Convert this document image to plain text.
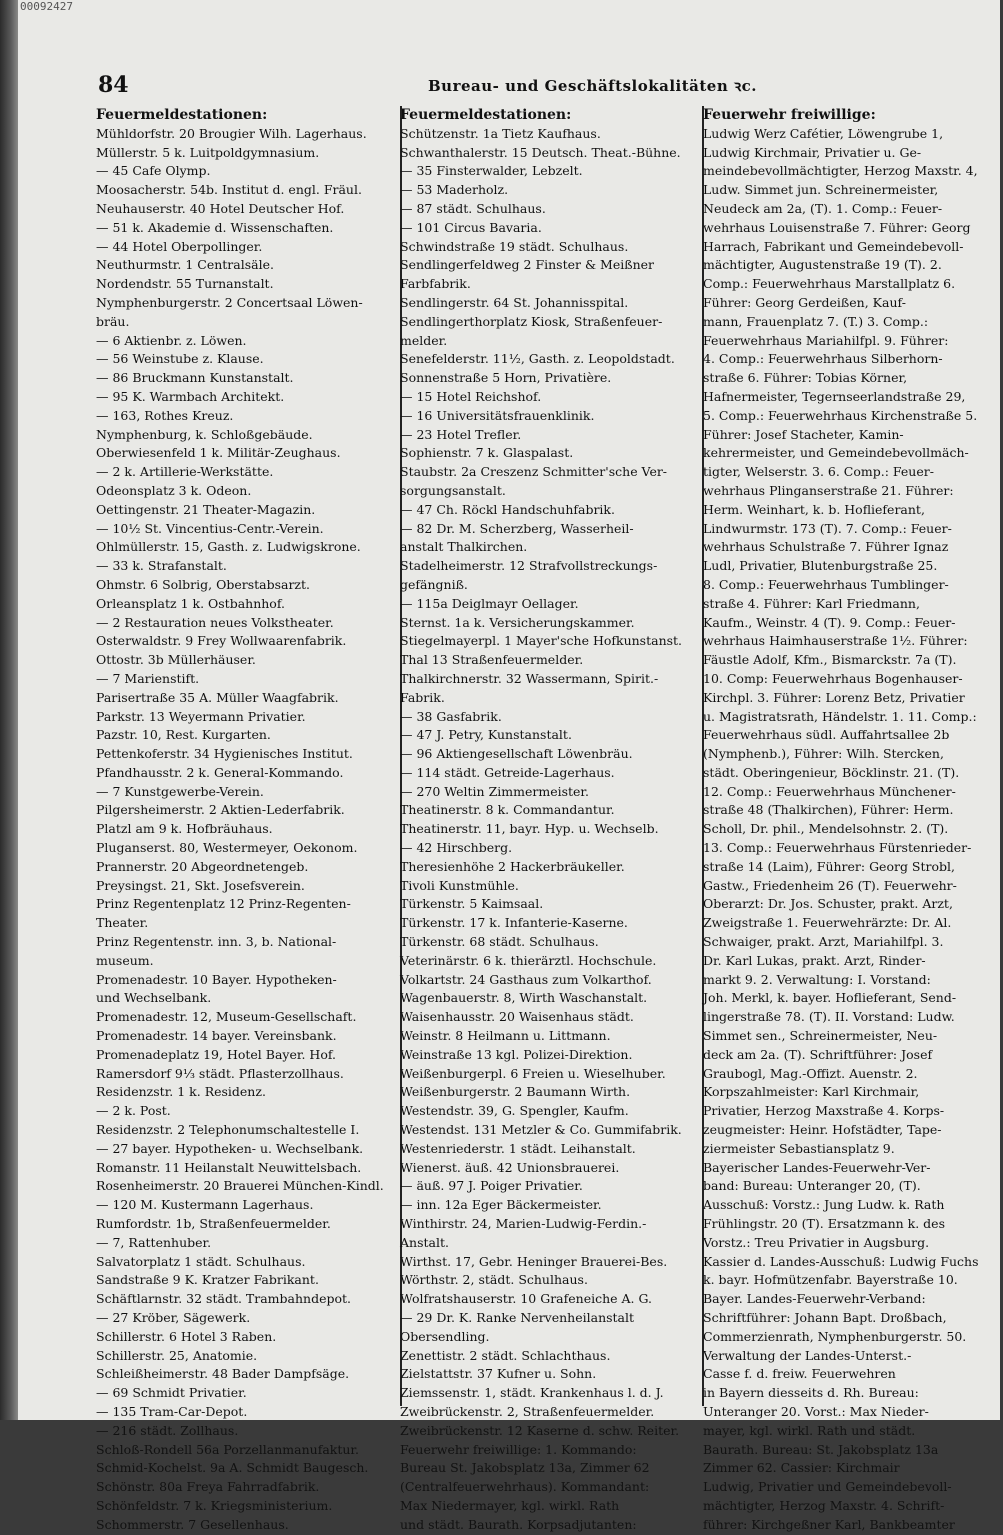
00092427
84	Bureau- und Geschäftslokalitäten ꝛc.
Feuermeldestationen:
Mühldorfstr. 20 Brougier Wilh. Lagerhaus.
Müllerstr. 5 k. Luitpoldgymnasium.
— 45 Cafe Olymp.
Moosacherstr. 54b. Institut d. engl. Fräul.
Neuhauserstr. 40 Hotel Deutscher Hof.
— 51 k. Akademie d. Wissenschaften.
— 44 Hotel Oberpollinger.
Neuthurmstr. 1 Centralsäle.
Nordendstr. 55 Turnanstalt.
Nymphenburgerstr. 2 Concertsaal Löwen-
bräu.
— 6 Aktienbr. z. Löwen.
— 56 Weinstube z. Klause.
— 86 Bruckmann Kunstanstalt.
— 95 K. Warmbach Architekt.
— 163, Rothes Kreuz.
Nymphenburg, k. Schloßgebäude.
Oberwiesenfeld 1 k. Militär-Zeughaus.
— 2 k. Artillerie-Werkstätte.
Odeonsplatz 3 k. Odeon.
Oettingenstr. 21 Theater-Magazin.
— 10½ St. Vincentius-Centr.-Verein.
Ohlmüllerstr. 15, Gasth. z. Ludwigskrone.
— 33 k. Strafanstalt.
Ohmstr. 6 Solbrig, Oberstabsarzt.
Orleansplatz 1 k. Ostbahnhof.
— 2 Restauration neues Volkstheater.
Osterwaldstr. 9 Frey Wollwaarenfabrik.
Ottostr. 3b Müllerhäuser.
— 7 Marienstift.
Parisertraße 35 A. Müller Waagfabrik.
Parkstr. 13 Weyermann Privatier.
Pazstr. 10, Rest. Kurgarten.
Pettenkoferstr. 34 Hygienisches Institut.
Pfandhausstr. 2 k. General-Kommando.
— 7 Kunstgewerbe-Verein.
Pilgersheimerstr. 2 Aktien-Lederfabrik.
Platzl am 9 k. Hofbräuhaus.
Pluganserst. 80, Westermeyer, Oekonom.
Prannerstr. 20 Abgeordnetengeb.
Preysingst. 21, Skt. Josefsverein.
Prinz Regentenplatz 12 Prinz-Regenten-
Theater.
Prinz Regentenstr. inn. 3, b. National-
museum.
Promenadestr. 10 Bayer. Hypotheken-
und Wechselbank.
Promenadestr. 12, Museum-Gesellschaft.
Promenadestr. 14 bayer. Vereinsbank.
Promenadeplatz 19, Hotel Bayer. Hof.
Ramersdorf 9⅓ städt. Pflasterzollhaus.
Residenzstr. 1 k. Residenz.
— 2 k. Post.
Residenzstr. 2 Telephonumschaltestelle I.
— 27 bayer. Hypotheken- u. Wechselbank.
Romanstr. 11 Heilanstalt Neuwittelsbach.
Rosenheimerstr. 20 Brauerei München-Kindl.
— 120 M. Kustermann Lagerhaus.
Rumfordstr. 1b, Straßenfeuermelder.
— 7, Rattenhuber.
Salvatorplatz 1 städt. Schulhaus.
Sandstraße 9 K. Kratzer Fabrikant.
Schäftlarnstr. 32 städt. Trambahndepot.
— 27 Kröber, Sägewerk.
Schillerstr. 6 Hotel 3 Raben.
Schillerstr. 25, Anatomie.
Schleißheimerstr. 48 Bader Dampfsäge.
— 69 Schmidt Privatier.
— 135 Tram-Car-Depot.
— 216 städt. Zollhaus.
Schloß-Rondell 56a Porzellanmanufaktur.
Schmid-Kochelst. 9a A. Schmidt Baugesch.
Schönstr. 80a Freya Fahrradfabrik.
Schönfeldstr. 7 k. Kriegsministerium.
Schommerstr. 7 Gesellenhaus.
Feuermeldestationen:
Schützenstr. 1a Tietz Kaufhaus.
Schwanthalerstr. 15 Deutsch. Theat.-Bühne.
— 35 Finsterwalder, Lebzelt.
— 53 Maderholz.
— 87 städt. Schulhaus.
— 101 Circus Bavaria.
Schwindstraße 19 städt. Schulhaus.
Sendlingerfeldweg 2 Finster & Meißner
Farbfabrik.
Sendlingerstr. 64 St. Johannisspital.
Sendlingerthorplatz Kiosk, Straßenfeuer-
melder.
Senefelderstr. 11½, Gasth. z. Leopoldstadt.
Sonnenstraße 5 Horn, Privatière.
— 15 Hotel Reichshof.
— 16 Universitätsfrauenklinik.
— 23 Hotel Trefler.
Sophienstr. 7 k. Glaspalast.
Staubstr. 2a Creszenz Schmitter'sche Ver-
sorgungsanstalt.
— 47 Ch. Röckl Handschuhfabrik.
— 82 Dr. M. Scherzberg, Wasserheil-
anstalt Thalkirchen.
Stadelheimerstr. 12 Strafvollstreckungs-
gefängniß.
— 115a Deiglmayr Oellager.
Sternst. 1a k. Versicherungskammer.
Stiegelmayerpl. 1 Mayer'sche Hofkunstanst.
Thal 13 Straßenfeuermelder.
Thalkirchnerstr. 32 Wassermann, Spirit.-
Fabrik.
— 38 Gasfabrik.
— 47 J. Petry, Kunstanstalt.
— 96 Aktiengesellschaft Löwenbräu.
— 114 städt. Getreide-Lagerhaus.
— 270 Weltin Zimmermeister.
Theatinerstr. 8 k. Commandantur.
Theatinerstr. 11, bayr. Hyp. u. Wechselb.
— 42 Hirschberg.
Theresienhöhe 2 Hackerbräukeller.
Tivoli Kunstmühle.
Türkenstr. 5 Kaimsaal.
Türkenstr. 17 k. Infanterie-Kaserne.
Türkenstr. 68 städt. Schulhaus.
Veterinärstr. 6 k. thierärztl. Hochschule.
Volkartstr. 24 Gasthaus zum Volkarthof.
Wagenbauerstr. 8, Wirth Waschanstalt.
Waisenhausstr. 20 Waisenhaus städt.
Weinstr. 8 Heilmann u. Littmann.
Weinstraße 13 kgl. Polizei-Direktion.
Weißenburgerpl. 6 Freien u. Wieselhuber.
Weißenburgerstr. 2 Baumann Wirth.
Westendstr. 39, G. Spengler, Kaufm.
Westendst. 131 Metzler & Co. Gummifabrik.
Westenriederstr. 1 städt. Leihanstalt.
Wienerst. äuß. 42 Unionsbrauerei.
— äuß. 97 J. Poiger Privatier.
— inn. 12a Eger Bäckermeister.
Winthirstr. 24, Marien-Ludwig-Ferdin.-
Anstalt.
Wirthst. 17, Gebr. Heninger Brauerei-Bes.
Wörthstr. 2, städt. Schulhaus.
Wolfratshauserstr. 10 Grafeneiche A. G.
— 29 Dr. K. Ranke Nervenheilanstalt
Obersendling.
Zenettistr. 2 städt. Schlachthaus.
Zielstattstr. 37 Kufner u. Sohn.
Ziemssenstr. 1, städt. Krankenhaus l. d. J.
Zweibrückenstr. 2, Straßenfeuermelder.
Zweibrückenstr. 12 Kaserne d. schw. Reiter.
Feuerwehr freiwillige: 1. Kommando:
Bureau St. Jakobsplatz 13a, Zimmer 62
(Centralfeuerwehrhaus). Kommandant:
Max Niedermayer, kgl. wirkl. Rath
und städt. Baurath. Korpsadjutanten:
Feuerwehr freiwillige:
Ludwig Werz Cafétier, Löwengrube 1,
Ludwig Kirchmair, Privatier u. Ge-
meindebevollmächtigter, Herzog Maxstr. 4,
Ludw. Simmet jun. Schreinermeister,
Neudeck am 2a, (T). 1. Comp.: Feuer-
wehrhaus Louisenstraße 7. Führer: Georg
Harrach, Fabrikant und Gemeindebevoll-
mächtigter, Augustenstraße 19 (T). 2.
Comp.: Feuerwehrhaus Marstallplatz 6.
Führer: Georg Gerdeißen, Kauf-
mann, Frauenplatz 7. (T.) 3. Comp.:
Feuerwehrhaus Mariahilfpl. 9. Führer:
4. Comp.: Feuerwehrhaus Silberhorn-
straße 6. Führer: Tobias Körner,
Hafnermeister, Tegernseerlandstraße 29,
5. Comp.: Feuerwehrhaus Kirchenstraße 5.
Führer: Josef Stacheter, Kamin-
kehrermeister, und Gemeindebevollmäch-
tigter, Welserstr. 3. 6. Comp.: Feuer-
wehrhaus Plinganserstraße 21. Führer:
Herm. Weinhart, k. b. Hoflieferant,
Lindwurmstr. 173 (T). 7. Comp.: Feuer-
wehrhaus Schulstraße 7. Führer Ignaz
Ludl, Privatier, Blutenburgstraße 25.
8. Comp.: Feuerwehrhaus Tumblinger-
straße 4. Führer: Karl Friedmann,
Kaufm., Weinstr. 4 (T). 9. Comp.: Feuer-
wehrhaus Haimhauserstraße 1½. Führer:
Fäustle Adolf, Kfm., Bismarckstr. 7a (T).
10. Comp: Feuerwehrhaus Bogenhauser-
Kirchpl. 3. Führer: Lorenz Betz, Privatier
u. Magistratsrath, Händelstr. 1. 11. Comp.:
Feuerwehrhaus südl. Auffahrtsallee 2b
(Nymphenb.), Führer: Wilh. Stercken,
städt. Oberingenieur, Böcklinstr. 21. (T).
12. Comp.: Feuerwehrhaus Münchener-
straße 48 (Thalkirchen), Führer: Herm.
Scholl, Dr. phil., Mendelsohnstr. 2. (T).
13. Comp.: Feuerwehrhaus Fürstenrieder-
straße 14 (Laim), Führer: Georg Strobl,
Gastw., Friedenheim 26 (T). Feuerwehr-
Oberarzt: Dr. Jos. Schuster, prakt. Arzt,
Zweigstraße 1. Feuerwehrärzte: Dr. Al.
Schwaiger, prakt. Arzt, Mariahilfpl. 3.
Dr. Karl Lukas, prakt. Arzt, Rinder-
markt 9. 2. Verwaltung: I. Vorstand:
Joh. Merkl, k. bayer. Hoflieferant, Send-
lingerstraße 78. (T). II. Vorstand: Ludw.
Simmet sen., Schreinermeister, Neu-
deck am 2a. (T). Schriftführer: Josef
Graubogl, Mag.-Offizt. Auenstr. 2.
Korpszahlmeister: Karl Kirchmair,
Privatier, Herzog Maxstraße 4. Korps-
zeugmeister: Heinr. Hofstädter, Tape-
ziermeister Sebastiansplatz 9.
Bayerischer Landes-Feuerwehr-Ver-
band: Bureau: Unteranger 20, (T).
Ausschuß: Vorstz.: Jung Ludw. k. Rath
Frühlingstr. 20 (T). Ersatzmann k. des
Vorstz.: Treu Privatier in Augsburg.
Kassier d. Landes-Ausschuß: Ludwig Fuchs
k. bayr. Hofmützenfabr. Bayerstraße 10.
Bayer. Landes-Feuerwehr-Verband:
Schriftführer: Johann Bapt. Droßbach,
Commerzienrath, Nymphenburgerstr. 50.
Verwaltung der Landes-Unterst.-
Casse f. d. freiw. Feuerwehren
in Bayern diesseits d. Rh. Bureau:
Unteranger 20. Vorst.: Max Nieder-
mayer, kgl. wirkl. Rath und städt.
Baurath. Bureau: St. Jakobsplatz 13a
Zimmer 62. Cassier: Kirchmair
Ludwig, Privatier und Gemeindebevoll-
mächtigter, Herzog Maxstr. 4. Schrift-
führer: Kirchgeßner Karl, Bankbeamter
